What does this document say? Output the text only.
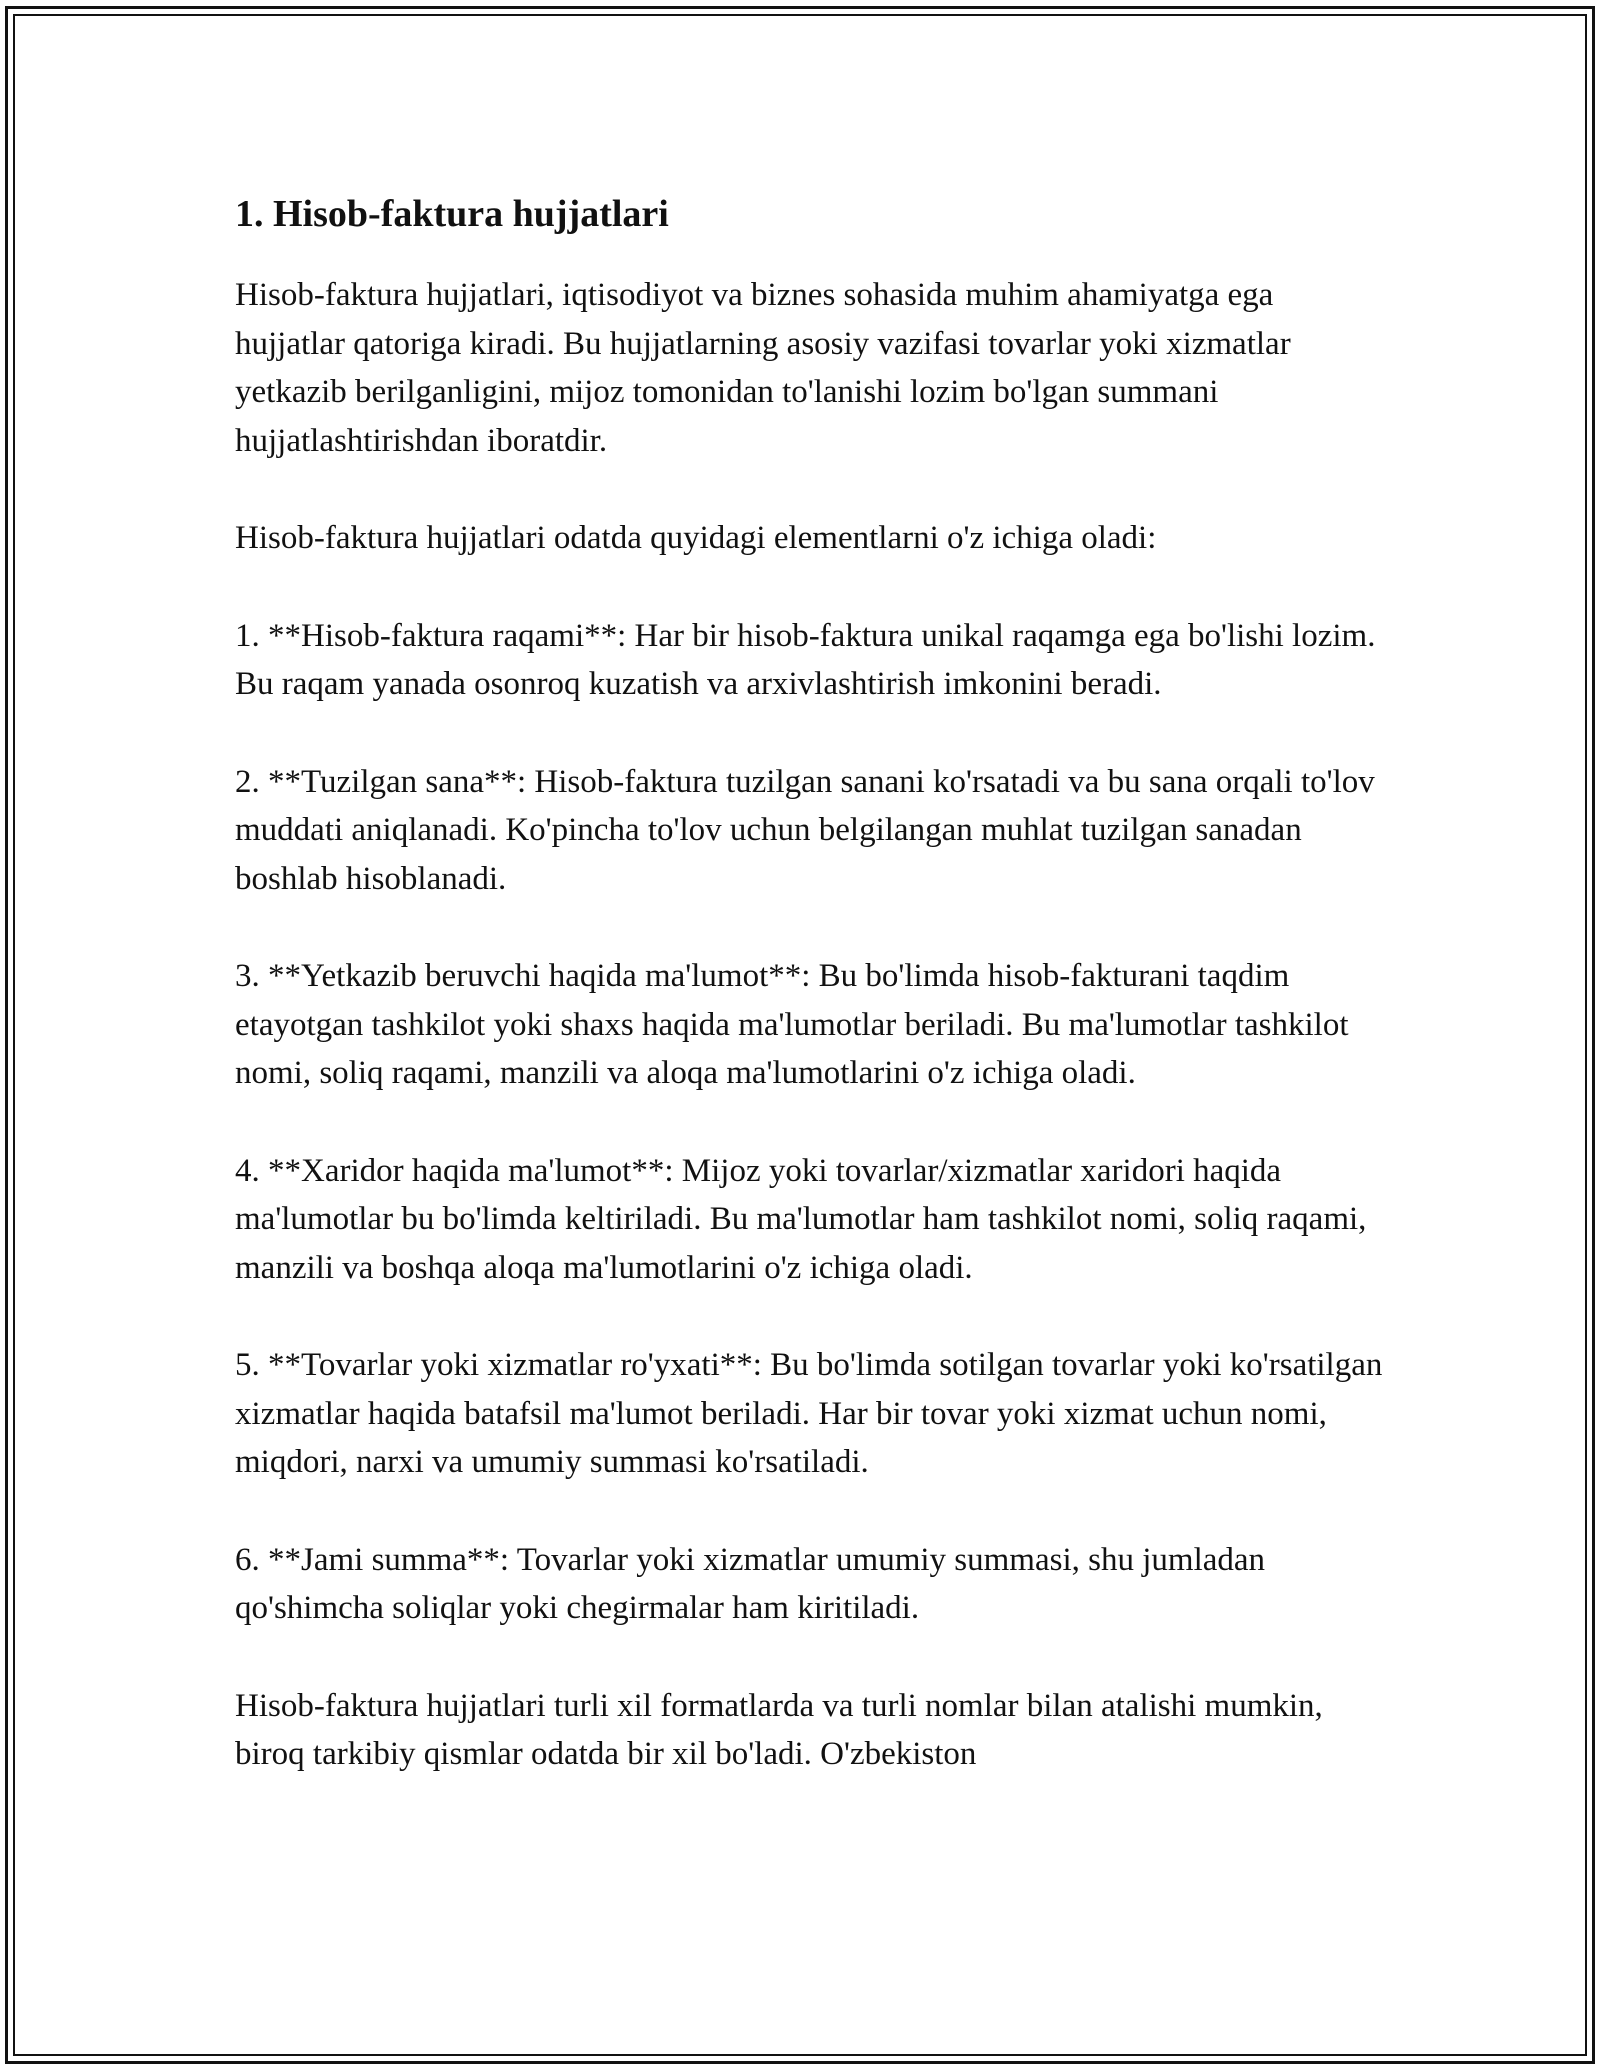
1. Hisob-faktura hujjatlari

Hisob-faktura hujjatlari, iqtisodiyot va biznes sohasida muhim ahamiyatga ega hujjatlar qatoriga kiradi. Bu hujjatlarning asosiy vazifasi tovarlar yoki xizmatlar yetkazib berilganligini, mijoz tomonidan to'lanishi lozim bo'lgan summani hujjatlashtirishdan iboratdir.

Hisob-faktura hujjatlari odatda quyidagi elementlarni o'z ichiga oladi:

1. **Hisob-faktura raqami**: Har bir hisob-faktura unikal raqamga ega bo'lishi lozim. Bu raqam yanada osonroq kuzatish va arxivlashtirish imkonini beradi.

2. **Tuzilgan sana**: Hisob-faktura tuzilgan sanani ko'rsatadi va bu sana orqali to'lov muddati aniqlanadi. Ko'pincha to'lov uchun belgilangan muhlat tuzilgan sanadan boshlab hisoblanadi.

3. **Yetkazib beruvchi haqida ma'lumot**: Bu bo'limda hisob-fakturani taqdim etayotgan tashkilot yoki shaxs haqida ma'lumotlar beriladi. Bu ma'lumotlar tashkilot nomi, soliq raqami, manzili va aloqa ma'lumotlarini o'z ichiga oladi.

4. **Xaridor haqida ma'lumot**: Mijoz yoki tovarlar/xizmatlar xaridori haqida ma'lumotlar bu bo'limda keltiriladi. Bu ma'lumotlar ham tashkilot nomi, soliq raqami, manzili va boshqa aloqa ma'lumotlarini o'z ichiga oladi.

5. **Tovarlar yoki xizmatlar ro'yxati**: Bu bo'limda sotilgan tovarlar yoki ko'rsatilgan xizmatlar haqida batafsil ma'lumot beriladi. Har bir tovar yoki xizmat uchun nomi, miqdori, narxi va umumiy summasi ko'rsatiladi.

6. **Jami summa**: Tovarlar yoki xizmatlar umumiy summasi, shu jumladan qo'shimcha soliqlar yoki chegirmalar ham kiritiladi.

Hisob-faktura hujjatlari turli xil formatlarda va turli nomlar bilan atalishi mumkin, biroq tarkibiy qismlar odatda bir xil bo'ladi. O'zbekiston
